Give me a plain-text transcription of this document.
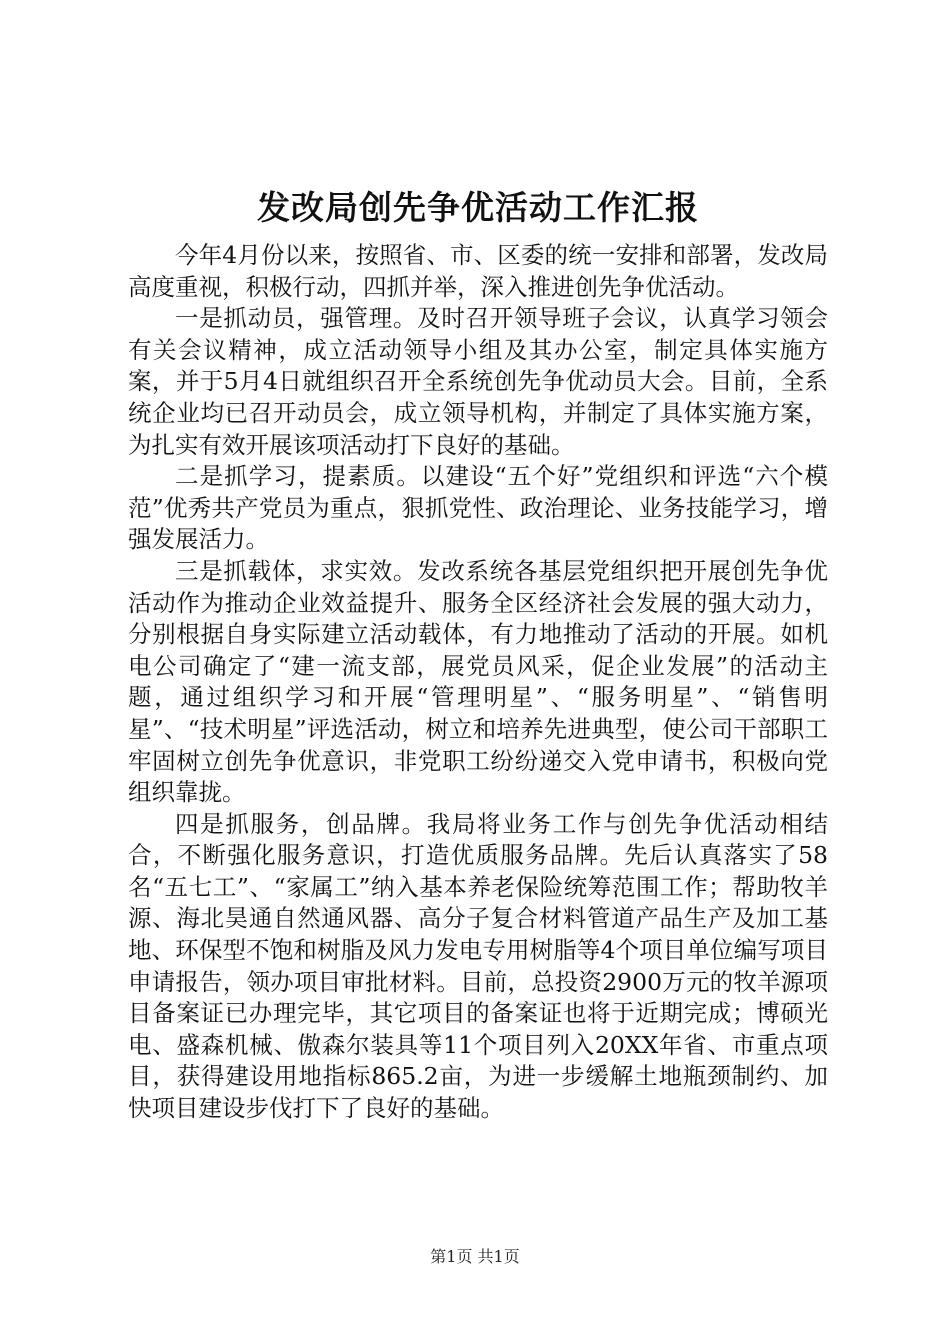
发改局创先争优活动工作汇报

今年4月份以来，按照省、市、区委的统一安排和部署，发改局高度重视，积极行动，四抓并举，深入推进创先争优活动。

一是抓动员，强管理。及时召开领导班子会议，认真学习领会有关会议精神，成立活动领导小组及其办公室，制定具体实施方案，并于5月4日就组织召开全系统创先争优动员大会。目前，全系统企业均已召开动员会，成立领导机构，并制定了具体实施方案，为扎实有效开展该项活动打下良好的基础。

二是抓学习，提素质。以建设“五个好”党组织和评选“六个模范”优秀共产党员为重点，狠抓党性、政治理论、业务技能学习，增强发展活力。

三是抓载体，求实效。发改系统各基层党组织把开展创先争优活动作为推动企业效益提升、服务全区经济社会发展的强大动力，分别根据自身实际建立活动载体，有力地推动了活动的开展。如机电公司确定了“建一流支部，展党员风采，促企业发展”的活动主题，通过组织学习和开展“管理明星”、“服务明星”、“销售明星”、“技术明星”评选活动，树立和培养先进典型，使公司干部职工牢固树立创先争优意识，非党职工纷纷递交入党申请书，积极向党组织靠拢。

四是抓服务，创品牌。我局将业务工作与创先争优活动相结合，不断强化服务意识，打造优质服务品牌。先后认真落实了58名“五七工”、“家属工”纳入基本养老保险统筹范围工作；帮助牧羊源、海北昊通自然通风器、高分子复合材料管道产品生产及加工基地、环保型不饱和树脂及风力发电专用树脂等4个项目单位编写项目申请报告，领办项目审批材料。目前，总投资2900万元的牧羊源项目备案证已办理完毕，其它项目的备案证也将于近期完成；博硕光电、盛森机械、傲森尔装具等11个项目列入20XX年省、市重点项目，获得建设用地指标865.2亩，为进一步缓解土地瓶颈制约、加快项目建设步伐打下了良好的基础。

第1页 共1页
